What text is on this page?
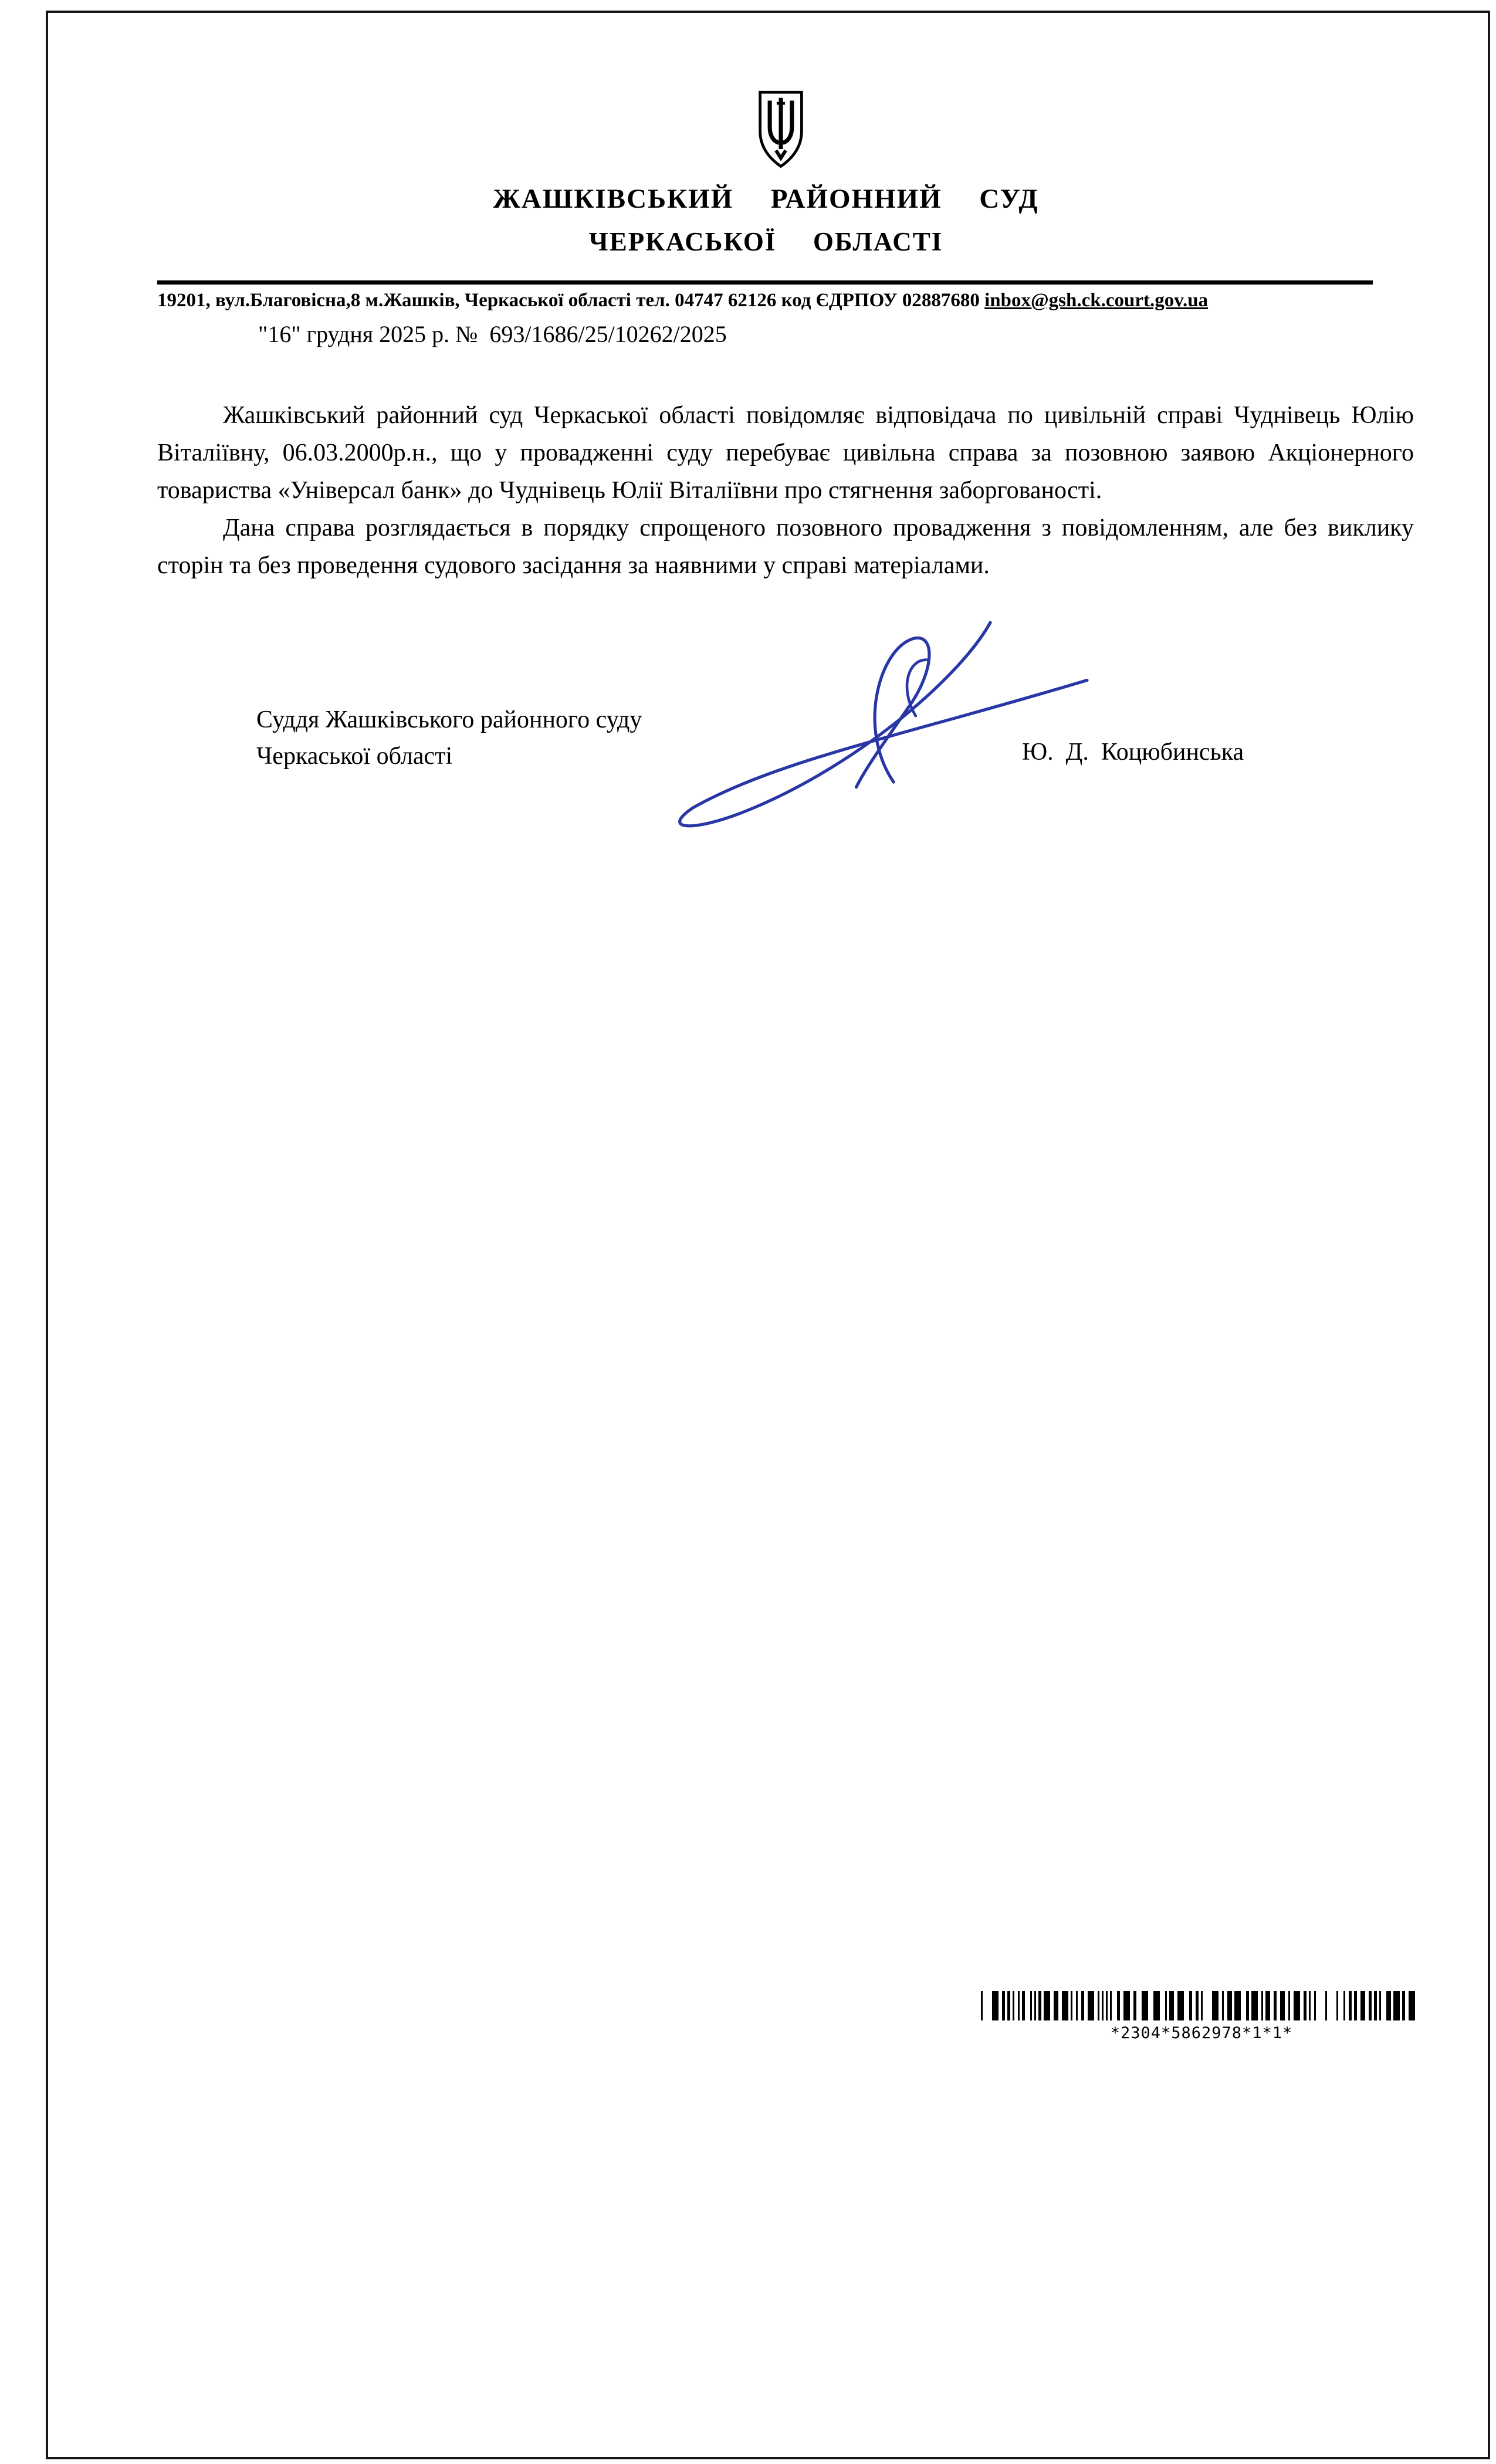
ЖАШКІВСЬКИЙ  РАЙОННИЙ  СУД
ЧЕРКАСЬКОЇ  ОБЛАСТІ
19201, вул.Благовісна,8 м.Жашків, Черкаської області тел. 04747 62126 код ЄДРПОУ 02887680 inbox@gsh.ck.court.gov.ua
"16" грудня 2025 р. №  693/1686/25/10262/2025

Жашківський районний суд Черкаської області повідомляє відповідача по цивільній справі Чуднівець Юлію Віталіївну, 06.03.2000р.н., що у провадженні суду перебуває цивільна справа за позовною заявою Акціонерного товариства «Універсал банк» до Чуднівець Юлії Віталіївни про стягнення заборгованості.

Дана справа розглядається в порядку спрощеного позовного провадження з повідомленням, але без виклику сторін та без проведення судового засідання за наявними у справі матеріалами.

Суддя Жашківського районного суду
Черкаської області	Ю.  Д.  Коцюбинська
*2304*5862978*1*1*
